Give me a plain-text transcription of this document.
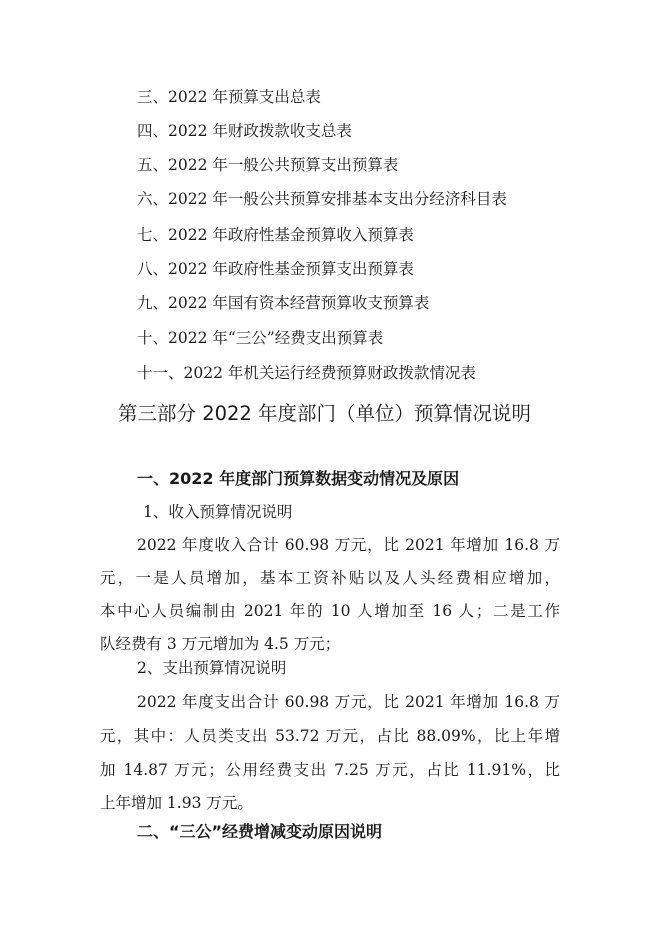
三、2022 年预算支出总表
四、2022 年财政拨款收支总表
五、2022 年一般公共预算支出预算表
六、2022 年一般公共预算安排基本支出分经济科目表
七、2022 年政府性基金预算收入预算表
八、2022 年政府性基金预算支出预算表
九、2022 年国有资本经营预算收支预算表
十、2022 年“三公”经费支出预算表
十一、2022 年机关运行经费预算财政拨款情况表
第三部分 2022 年度部门（单位）预算情况说明
一、2022 年度部门预算数据变动情况及原因
1、收入预算情况说明
2022 年度收入合计 60.98 万元，比 2021 年增加 16.8 万
元，一是人员增加，基本工资补贴以及人头经费相应增加，
本中心人员编制由 2021 年的 10 人增加至 16 人；二是工作
队经费有 3 万元增加为 4.5 万元；
2、支出预算情况说明
2022 年度支出合计 60.98 万元，比 2021 年增加 16.8 万
元，其中：人员类支出 53.72 万元，占比 88.09%，比上年增
加 14.87 万元；公用经费支出 7.25 万元，占比 11.91%，比
上年增加 1.93 万元。
二、“三公”经费增减变动原因说明
